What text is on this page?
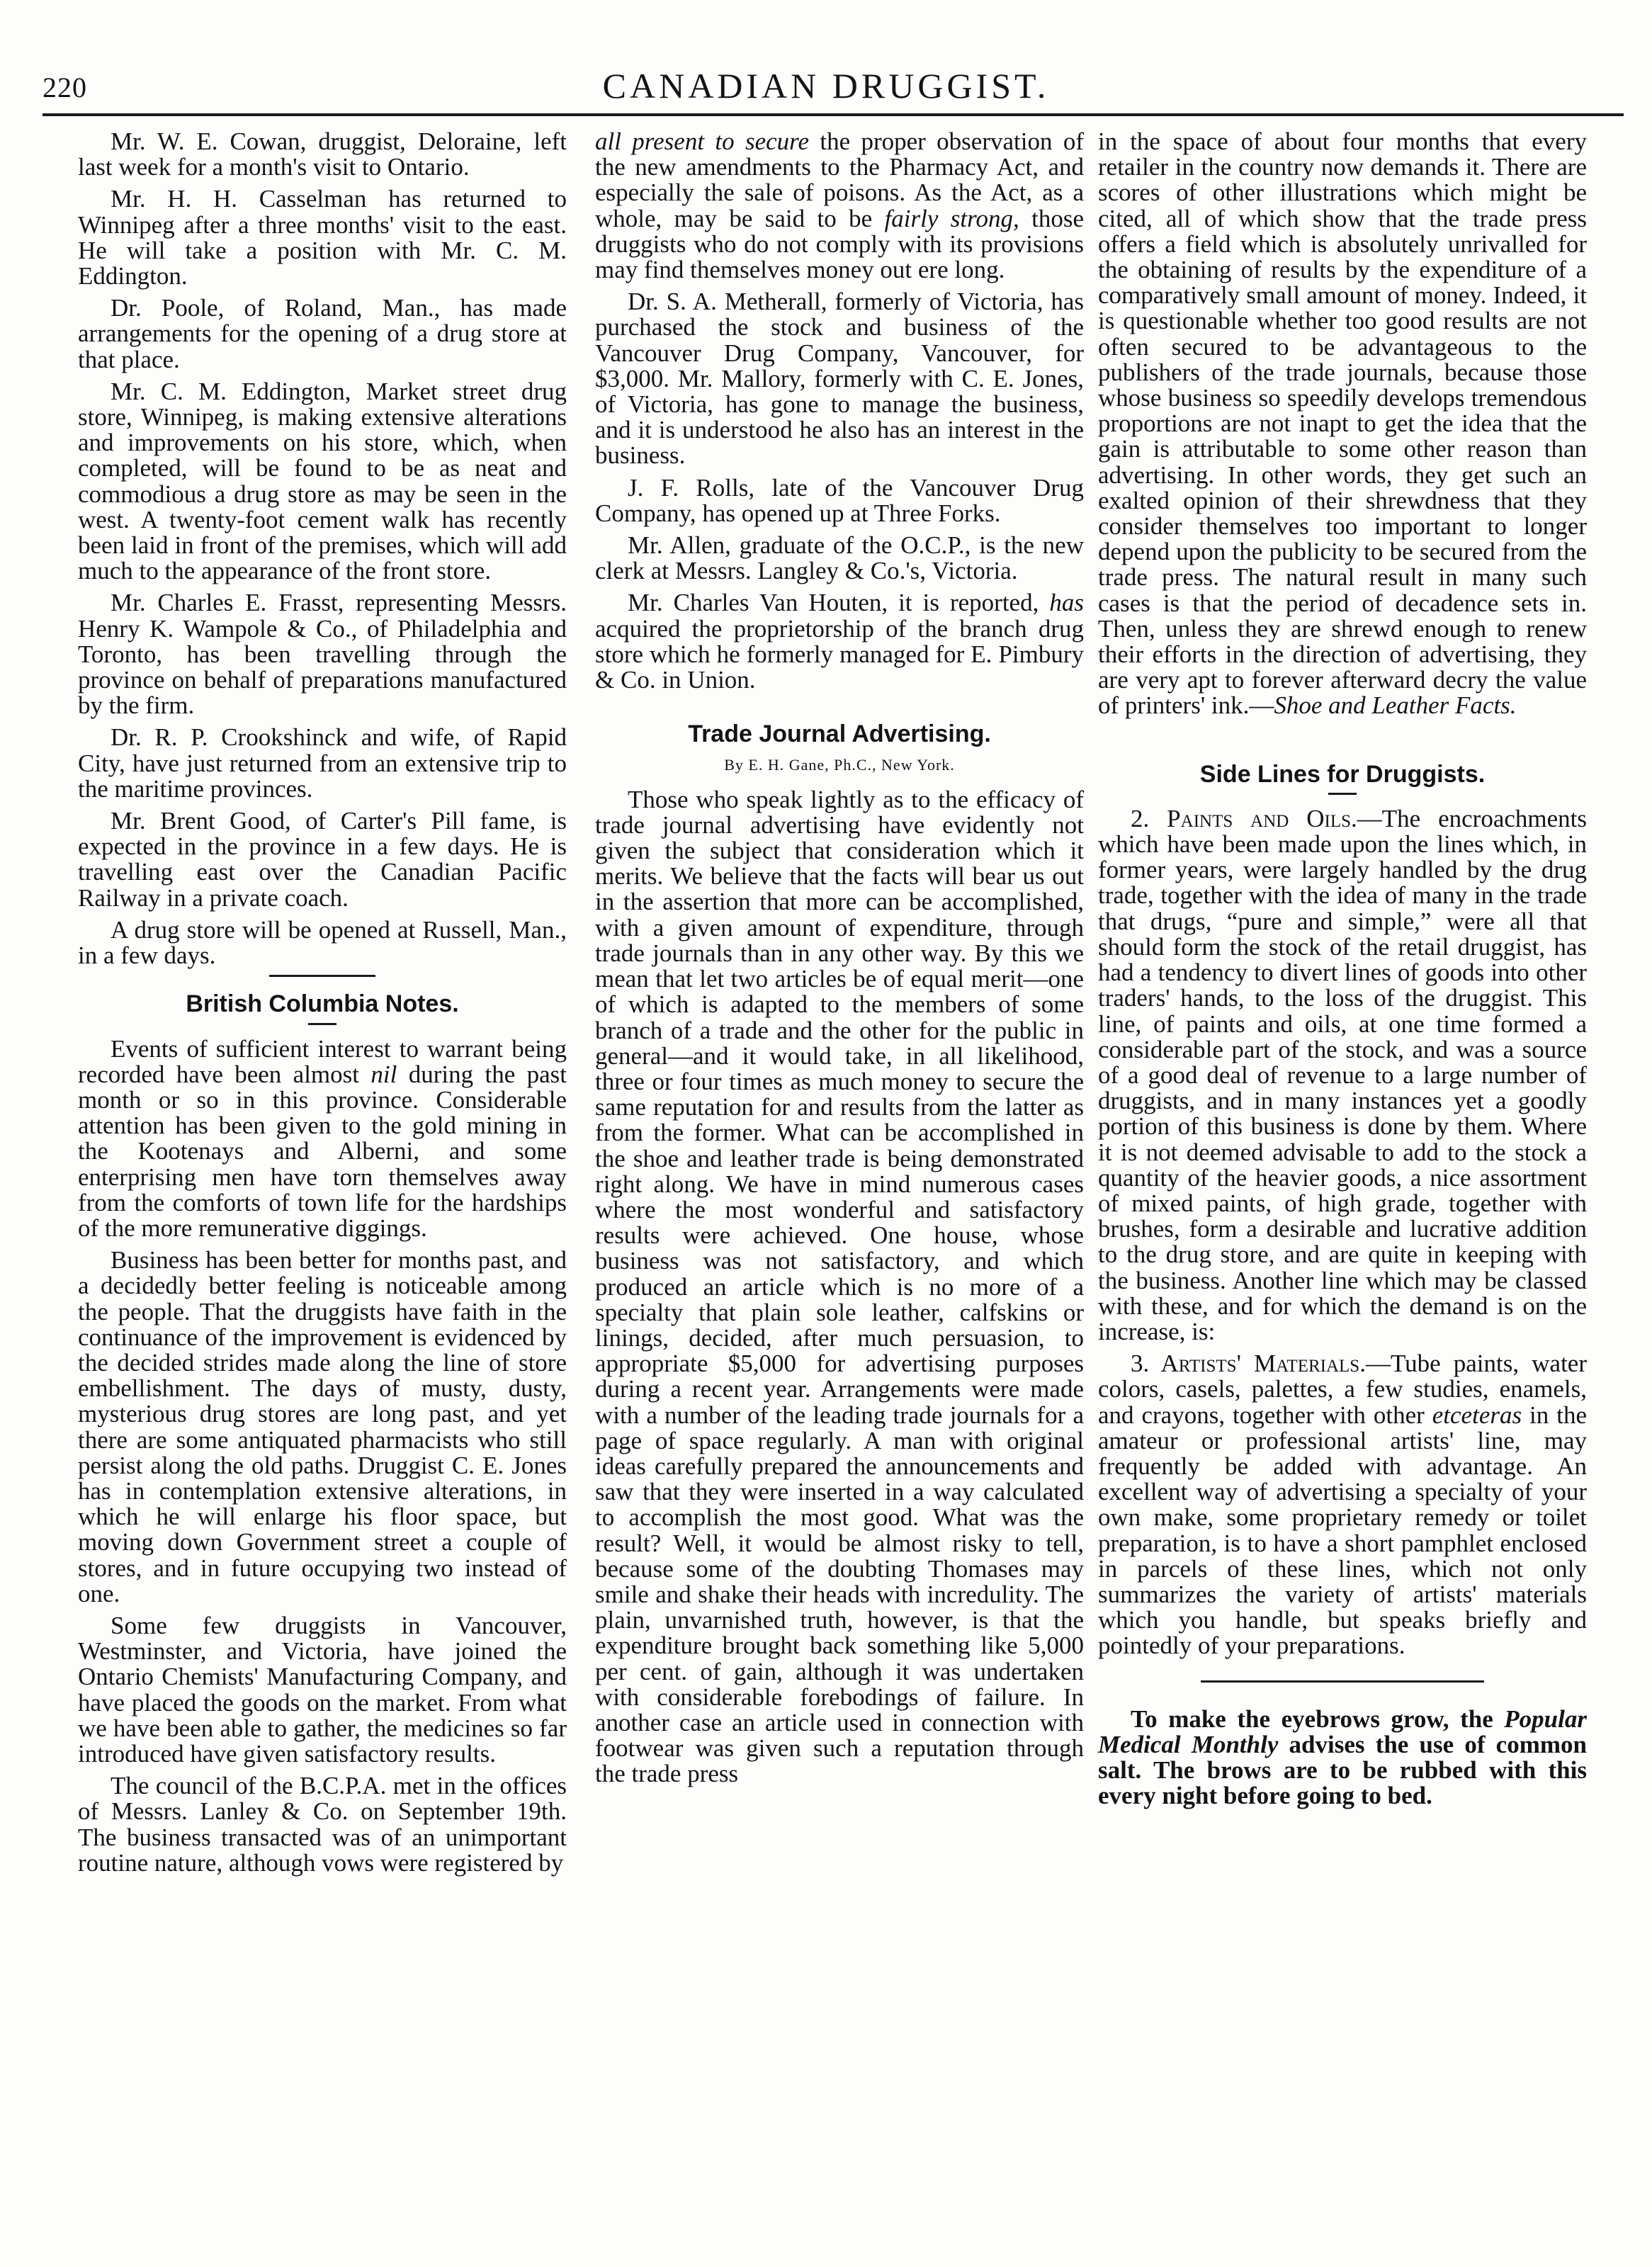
220	CANADIAN DRUGGIST.

Mr. W. E. Cowan, druggist, Deloraine, left last week for a month's visit to Ontario.

Mr. H. H. Casselman has returned to Winnipeg after a three months' visit to the east. He will take a position with Mr. C. M. Eddington.

Dr. Poole, of Roland, Man., has made arrangements for the opening of a drug store at that place.

Mr. C. M. Eddington, Market street drug store, Winnipeg, is making extensive alterations and improvements on his store, which, when completed, will be found to be as neat and commodious a drug store as may be seen in the west. A twenty-foot cement walk has recently been laid in front of the premises, which will add much to the appearance of the front store.

Mr. Charles E. Frasst, representing Messrs. Henry K. Wampole & Co., of Philadelphia and Toronto, has been travelling through the province on behalf of preparations manufactured by the firm.

Dr. R. P. Crookshinck and wife, of Rapid City, have just returned from an extensive trip to the maritime provinces.

Mr. Brent Good, of Carter's Pill fame, is expected in the province in a few days. He is travelling east over the Canadian Pacific Railway in a private coach.

A drug store will be opened at Russell, Man., in a few days.

British Columbia Notes.

Events of sufficient interest to warrant being recorded have been almost nil during the past month or so in this province. Considerable attention has been given to the gold mining in the Kootenays and Alberni, and some enterprising men have torn themselves away from the comforts of town life for the hardships of the more remunerative diggings.

Business has been better for months past, and a decidedly better feeling is noticeable among the people. That the druggists have faith in the continuance of the improvement is evidenced by the decided strides made along the line of store embellishment. The days of musty, dusty, mysterious drug stores are long past, and yet there are some antiquated pharmacists who still persist along the old paths. Druggist C. E. Jones has in contemplation extensive alterations, in which he will enlarge his floor space, but moving down Government street a couple of stores, and in future occupying two instead of one.

Some few druggists in Vancouver, Westminster, and Victoria, have joined the Ontario Chemists' Manufacturing Company, and have placed the goods on the market. From what we have been able to gather, the medicines so far introduced have given satisfactory results.

The council of the B.C.P.A. met in the offices of Messrs. Lanley & Co. on September 19th. The business transacted was of an unimportant routine nature, although vows were registered by

all present to secure the proper observation of the new amendments to the Pharmacy Act, and especially the sale of poisons. As the Act, as a whole, may be said to be fairly strong, those druggists who do not comply with its provisions may find themselves money out ere long.

Dr. S. A. Metherall, formerly of Victoria, has purchased the stock and business of the Vancouver Drug Company, Vancouver, for $3,000. Mr. Mallory, formerly with C. E. Jones, of Victoria, has gone to manage the business, and it is understood he also has an interest in the business.

J. F. Rolls, late of the Vancouver Drug Company, has opened up at Three Forks.

Mr. Allen, graduate of the O.C.P., is the new clerk at Messrs. Langley & Co.'s, Victoria.

Mr. Charles Van Houten, it is reported, has acquired the proprietorship of the branch drug store which he formerly managed for E. Pimbury & Co. in Union.

Trade Journal Advertising.
By E. H. Gane, Ph.C., New York.

Those who speak lightly as to the efficacy of trade journal advertising have evidently not given the subject that consideration which it merits. We believe that the facts will bear us out in the assertion that more can be accomplished, with a given amount of expenditure, through trade journals than in any other way. By this we mean that let two articles be of equal merit—one of which is adapted to the members of some branch of a trade and the other for the public in general—and it would take, in all likelihood, three or four times as much money to secure the same reputation for and results from the latter as from the former. What can be accomplished in the shoe and leather trade is being demonstrated right along. We have in mind numerous cases where the most wonderful and satisfactory results were achieved. One house, whose business was not satisfactory, and which produced an article which is no more of a specialty that plain sole leather, calfskins or linings, decided, after much persuasion, to appropriate $5,000 for advertising purposes during a recent year. Arrangements were made with a number of the leading trade journals for a page of space regularly. A man with original ideas carefully prepared the announcements and saw that they were inserted in a way calculated to accomplish the most good. What was the result? Well, it would be almost risky to tell, because some of the doubting Thomases may smile and shake their heads with incredulity. The plain, unvarnished truth, however, is that the expenditure brought back something like 5,000 per cent. of gain, although it was undertaken with considerable forebodings of failure. In another case an article used in connection with footwear was given such a reputation through the trade press

in the space of about four months that every retailer in the country now demands it. There are scores of other illustrations which might be cited, all of which show that the trade press offers a field which is absolutely unrivalled for the obtaining of results by the expenditure of a comparatively small amount of money. Indeed, it is questionable whether too good results are not often secured to be advantageous to the publishers of the trade journals, because those whose business so speedily develops tremendous proportions are not inapt to get the idea that the gain is attributable to some other reason than advertising. In other words, they get such an exalted opinion of their shrewdness that they consider themselves too important to longer depend upon the publicity to be secured from the trade press. The natural result in many such cases is that the period of decadence sets in. Then, unless they are shrewd enough to renew their efforts in the direction of advertising, they are very apt to forever afterward decry the value of printers' ink.—Shoe and Leather Facts.

Side Lines for Druggists.

2. Paints and Oils.—The encroachments which have been made upon the lines which, in former years, were largely handled by the drug trade, together with the idea of many in the trade that drugs, “pure and simple,” were all that should form the stock of the retail druggist, has had a tendency to divert lines of goods into other traders' hands, to the loss of the druggist. This line, of paints and oils, at one time formed a considerable part of the stock, and was a source of a good deal of revenue to a large number of druggists, and in many instances yet a goodly portion of this business is done by them. Where it is not deemed advisable to add to the stock a quantity of the heavier goods, a nice assortment of mixed paints, of high grade, together with brushes, form a desirable and lucrative addition to the drug store, and are quite in keeping with the business. Another line which may be classed with these, and for which the demand is on the increase, is:

3. Artists' Materials.—Tube paints, water colors, casels, palettes, a few studies, enamels, and crayons, together with other etceteras in the amateur or professional artists' line, may frequently be added with advantage. An excellent way of advertising a specialty of your own make, some proprietary remedy or toilet preparation, is to have a short pamphlet enclosed in parcels of these lines, which not only summarizes the variety of artists' materials which you handle, but speaks briefly and pointedly of your preparations.

To make the eyebrows grow, the Popular Medical Monthly advises the use of common salt. The brows are to be rubbed with this every night before going to bed.
